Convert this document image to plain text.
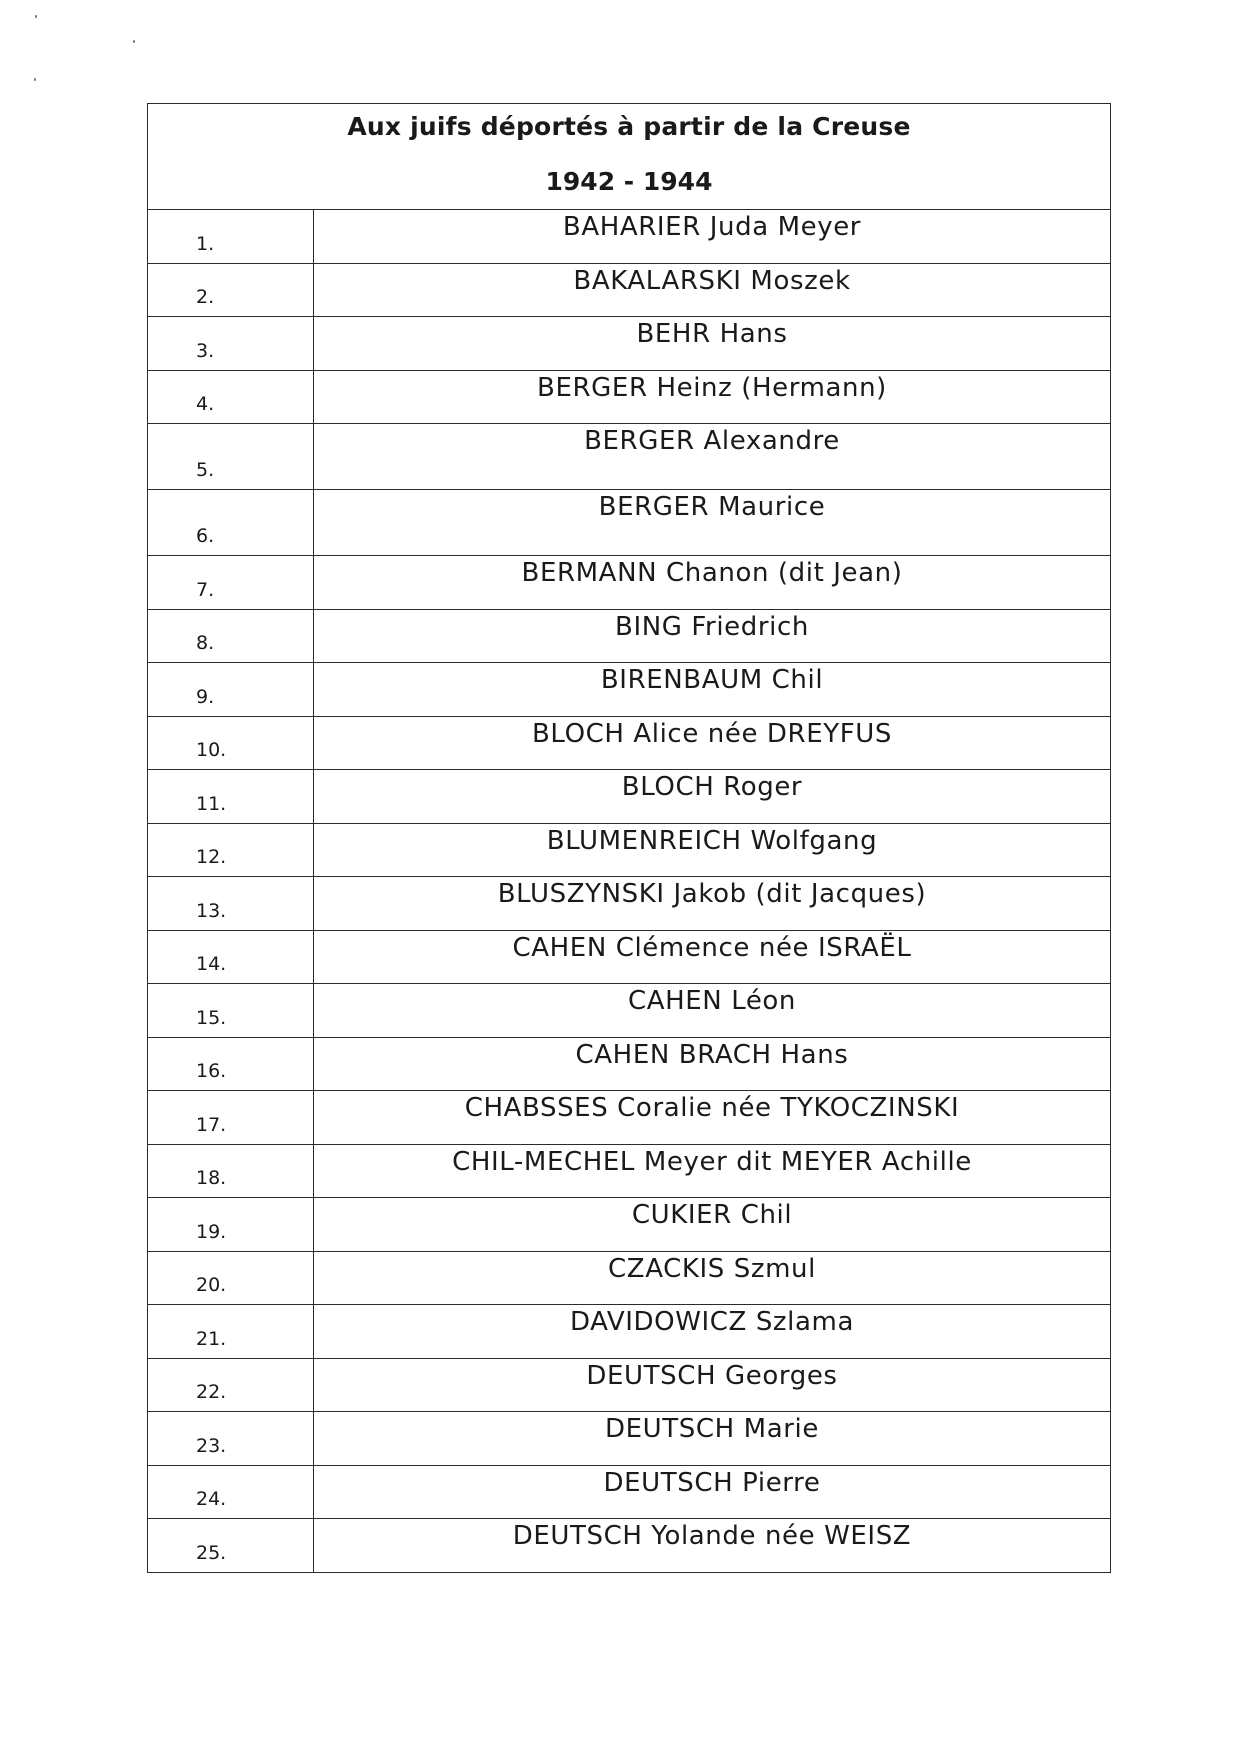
Aux juifs déportés à partir de la Creuse
1942 - 1944	

1.	BAHARIER Juda Meyer
2.	BAKALARSKI Moszek
3.	BEHR Hans
4.	BERGER Heinz (Hermann)
5.	BERGER Alexandre
6.	BERGER Maurice
7.	BERMANN Chanon (dit Jean)
8.	BING Friedrich
9.	BIRENBAUM Chil
10.	BLOCH Alice née DREYFUS
11.	BLOCH Roger
12.	BLUMENREICH Wolfgang
13.	BLUSZYNSKI Jakob (dit Jacques)
14.	CAHEN Clémence née ISRAËL
15.	CAHEN Léon
16.	CAHEN BRACH Hans
17.	CHABSSES Coralie née TYKOCZINSKI
18.	CHIL-MECHEL Meyer dit MEYER Achille
19.	CUKIER Chil
20.	CZACKIS Szmul
21.	DAVIDOWICZ Szlama
22.	DEUTSCH Georges
23.	DEUTSCH Marie
24.	DEUTSCH Pierre
25.	DEUTSCH Yolande née WEISZ
